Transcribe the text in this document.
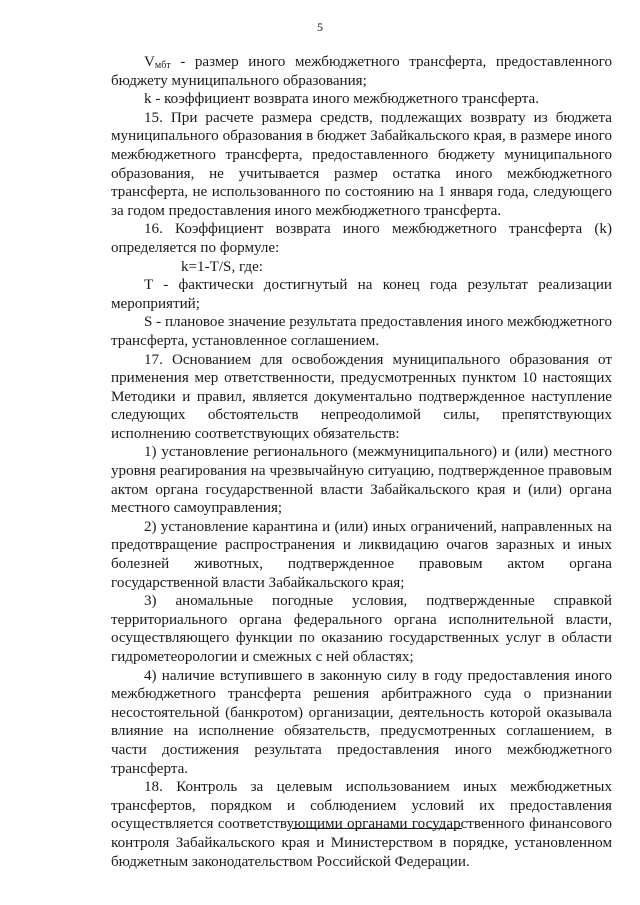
5

$V_{мбт}$ - размер иного межбюджетного трансферта, предоставленного бюджету муниципального образования;

k - коэффициент возврата иного межбюджетного трансферта.

15. При расчете размера средств, подлежащих возврату из бюджета муниципального образования в бюджет Забайкальского края, в размере иного межбюджетного трансферта, предоставленного бюджету муниципального образования, не учитывается размер остатка иного межбюджетного трансферта, не использованного по состоянию на 1 января года, следующего за годом предоставления иного межбюджетного трансферта.

16. Коэффициент возврата иного межбюджетного трансферта (k) определяется по формуле:

k=1-T/S, где:

T - фактически достигнутый на конец года результат реализации мероприятий;

S - плановое значение результата предоставления иного межбюджетного трансферта, установленное соглашением.

17. Основанием для освобождения муниципального образования от применения мер ответственности, предусмотренных пунктом 10 настоящих Методики и правил, является документально подтвержденное наступление следующих обстоятельств непреодолимой силы, препятствующих исполнению соответствующих обязательств:

1) установление регионального (межмуниципального) и (или) местного уровня реагирования на чрезвычайную ситуацию, подтвержденное правовым актом органа государственной власти Забайкальского края и (или) органа местного самоуправления;

2) установление карантина и (или) иных ограничений, направленных на предотвращение распространения и ликвидацию очагов заразных и иных болезней животных, подтвержденное правовым актом органа государственной власти Забайкальского края;

3) аномальные погодные условия, подтвержденные справкой территориального органа федерального органа исполнительной власти, осуществляющего функции по оказанию государственных услуг в области гидрометеорологии и смежных с ней областях;

4) наличие вступившего в законную силу в году предоставления иного межбюджетного трансферта решения арбитражного суда о признании несостоятельной (банкротом) организации, деятельность которой оказывала влияние на исполнение обязательств, предусмотренных соглашением, в части достижения результата предоставления иного межбюджетного трансферта.

18. Контроль за целевым использованием иных межбюджетных трансфертов, порядком и соблюдением условий их предоставления осуществляется соответствующими органами государственного финансового контроля Забайкальского края и Министерством в порядке, установленном бюджетным законодательством Российской Федерации.
